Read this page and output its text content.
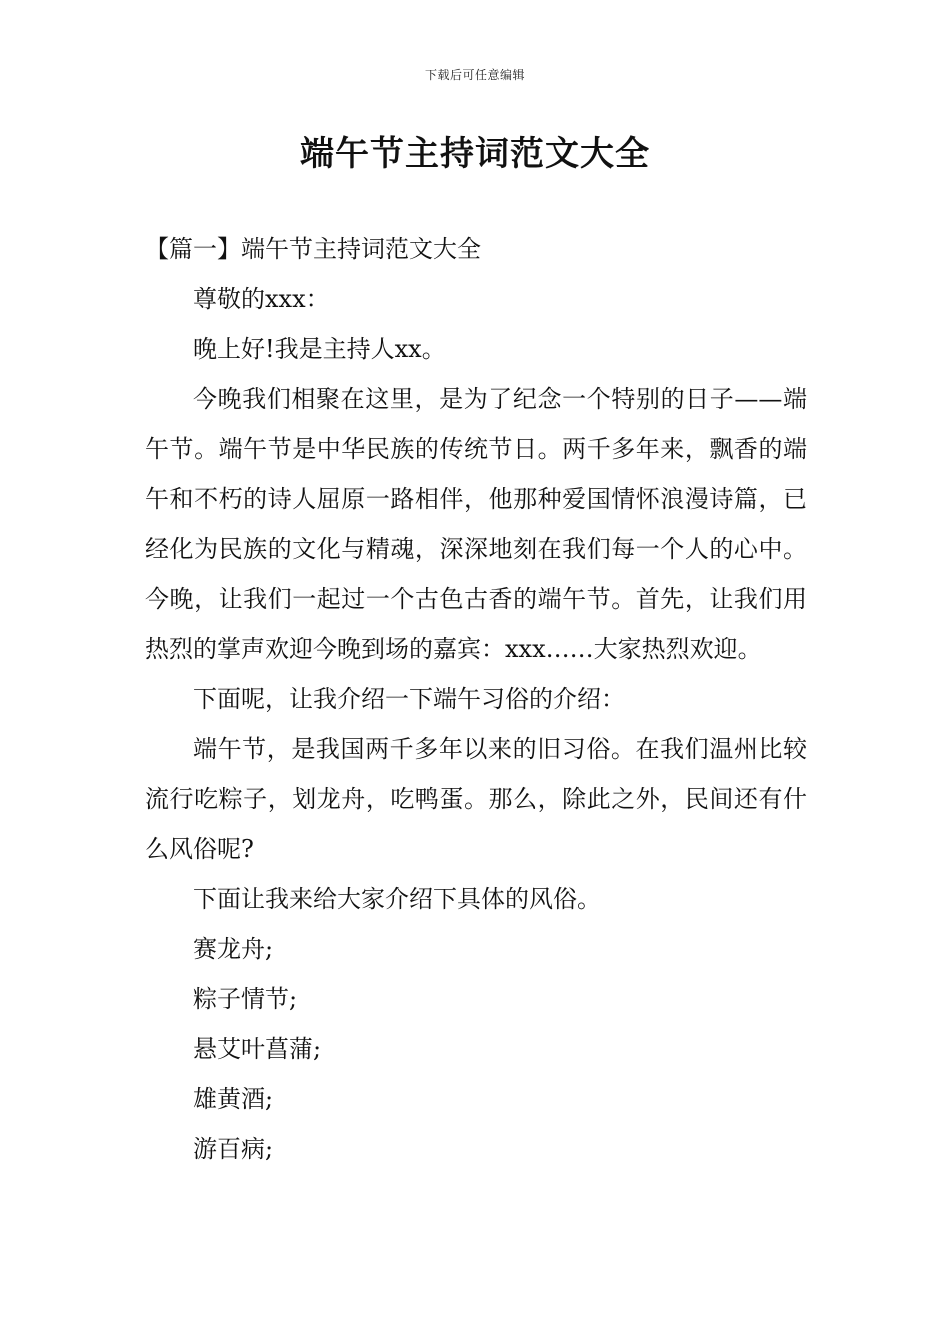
下载后可任意编辑
端午节主持词范文大全

【篇一】端午节主持词范文大全

尊敬的xxx：

晚上好!我是主持人xx。

今晚我们相聚在这里，是为了纪念一个特别的日子——端午节。端午节是中华民族的传统节日。两千多年来，飘香的端午和不朽的诗人屈原一路相伴，他那种爱国情怀浪漫诗篇，已经化为民族的文化与精魂，深深地刻在我们每一个人的心中。今晚，让我们一起过一个古色古香的端午节。首先，让我们用热烈的掌声欢迎今晚到场的嘉宾：xxx……大家热烈欢迎。

下面呢，让我介绍一下端午习俗的介绍：

端午节，是我国两千多年以来的旧习俗。在我们温州比较流行吃粽子，划龙舟，吃鸭蛋。那么，除此之外，民间还有什么风俗呢?

下面让我来给大家介绍下具体的风俗。

赛龙舟;

粽子情节;

悬艾叶菖蒲;

雄黄酒;

游百病;
